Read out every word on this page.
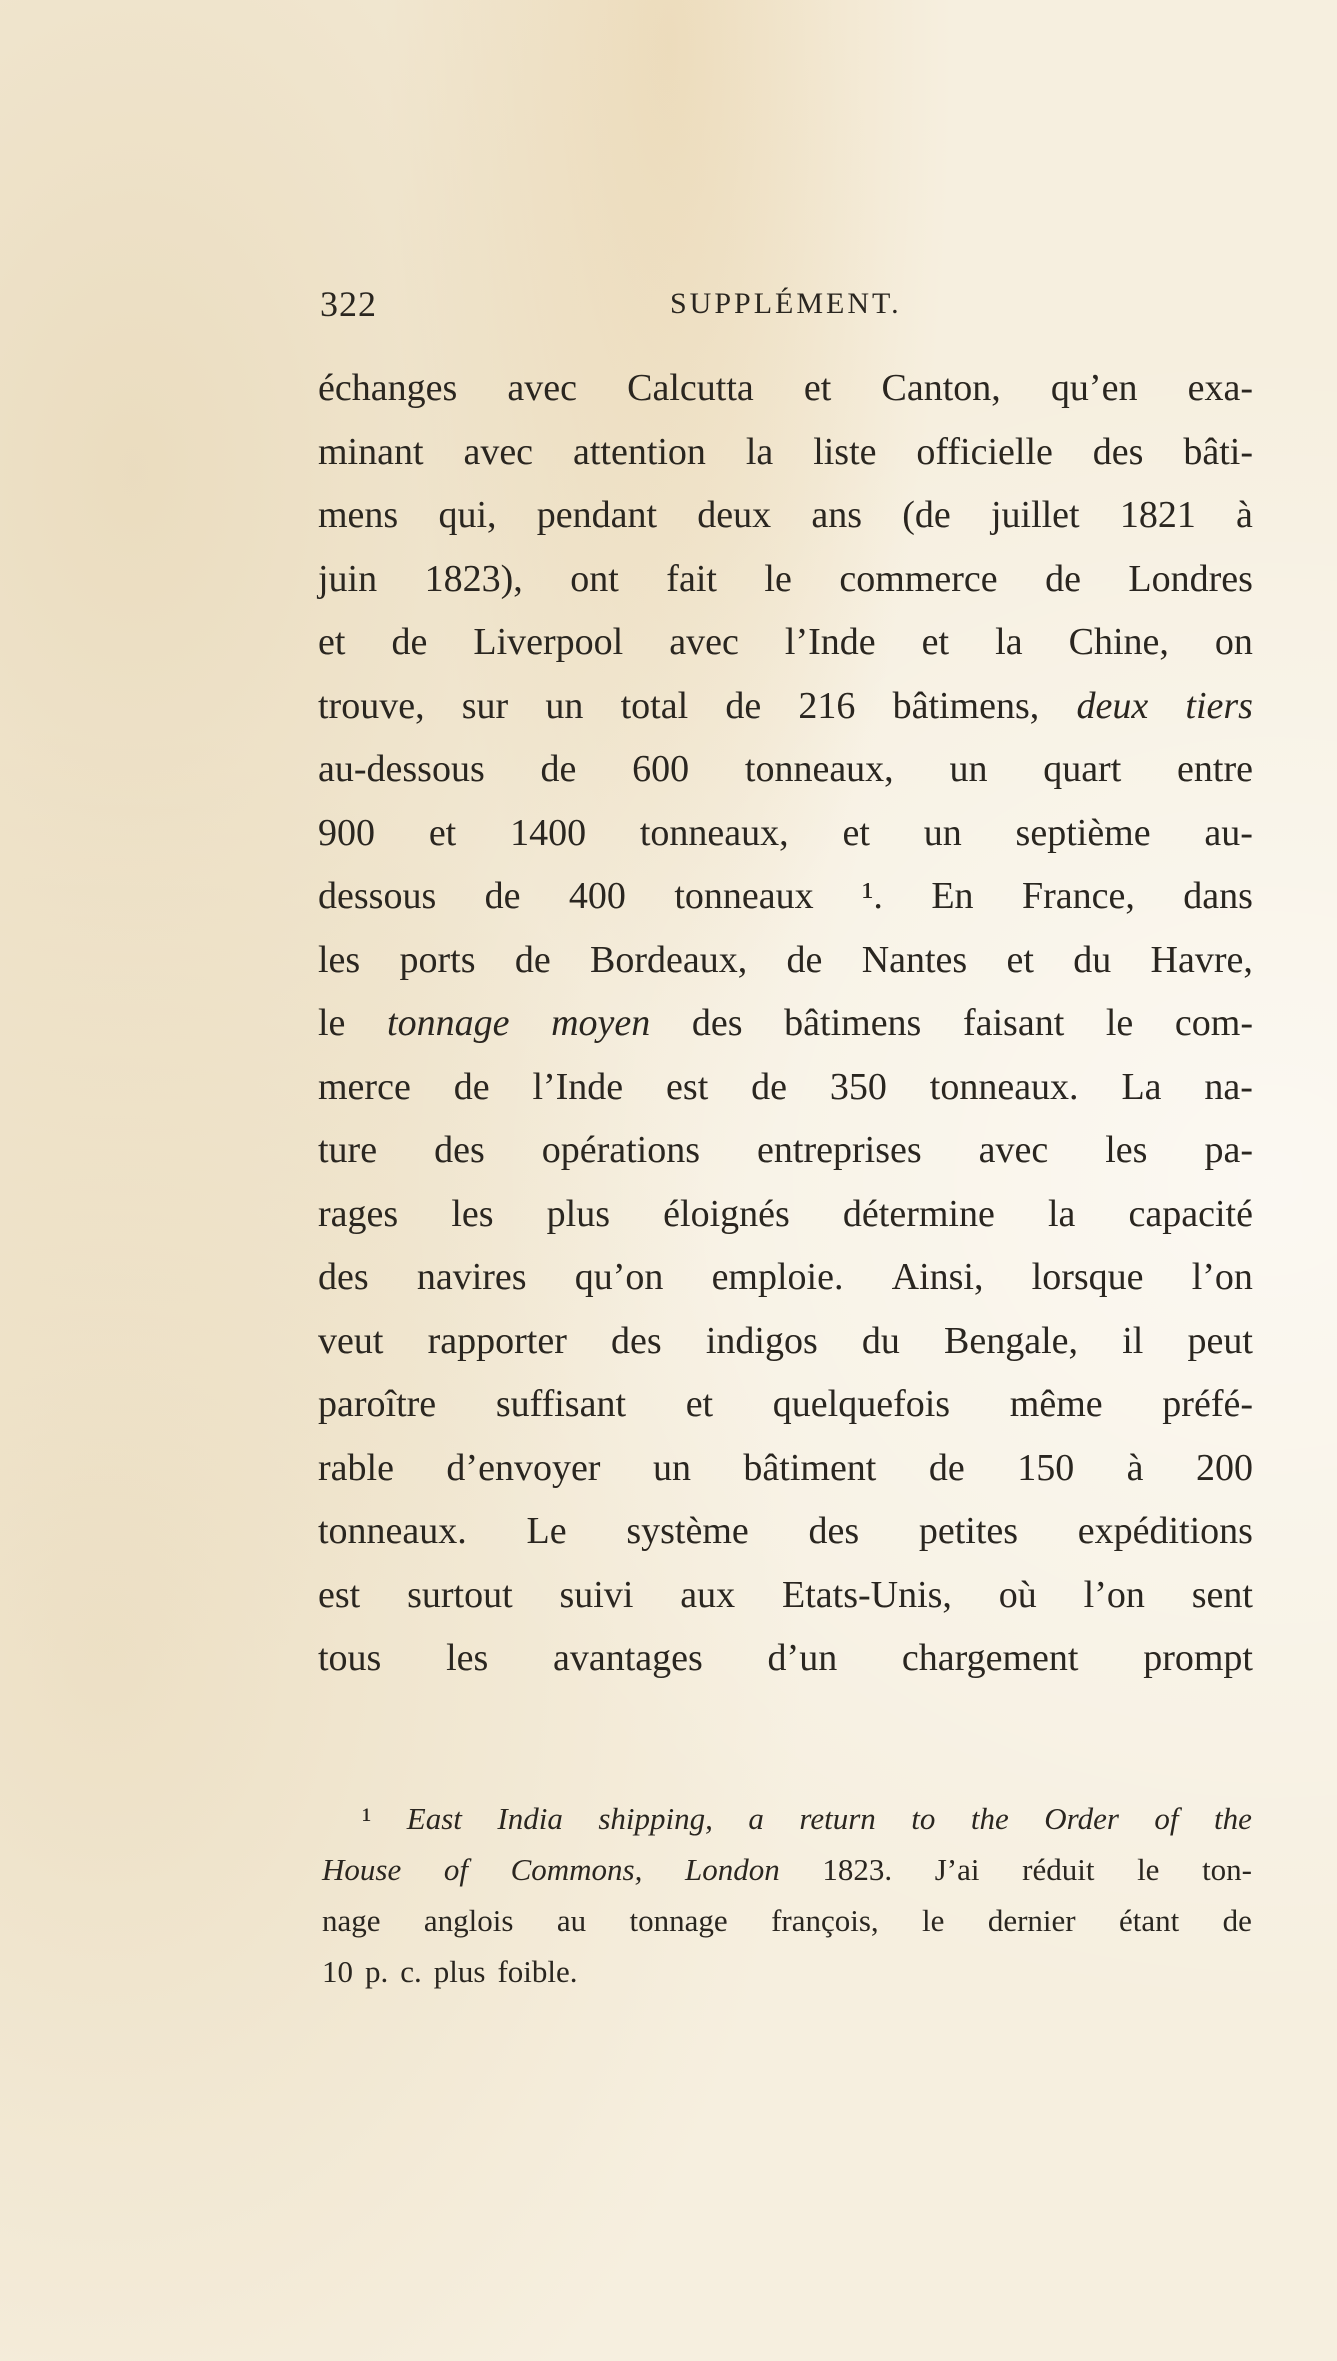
322	SUPPLÉMENT.
échanges avec Calcutta et Canton, qu’en exa-
minant avec attention la liste officielle des bâti-
mens qui, pendant deux ans (de juillet 1821 à
juin 1823), ont fait le commerce de Londres
et de Liverpool avec l’Inde et la Chine, on
trouve, sur un total de 216 bâtimens, deux tiers
au-dessous de 600 tonneaux, un quart entre
900 et 1400 tonneaux, et un septième au-
dessous de 400 tonneaux ¹. En France, dans
les ports de Bordeaux, de Nantes et du Havre,
le tonnage moyen des bâtimens faisant le com-
merce de l’Inde est de 350 tonneaux. La na-
ture des opérations entreprises avec les pa-
rages les plus éloignés détermine la capacité
des navires qu’on emploie. Ainsi, lorsque l’on
veut rapporter des indigos du Bengale, il peut
paroître suffisant et quelquefois même préfé-
rable d’envoyer un bâtiment de 150 à 200
tonneaux. Le système des petites expéditions
est surtout suivi aux Etats-Unis, où l’on sent
tous les avantages d’un chargement prompt
¹ East India shipping, a return to the Order of the
House of Commons, London 1823. J’ai réduit le ton-
nage anglois au tonnage françois, le dernier étant de
10 p. c. plus foible.
